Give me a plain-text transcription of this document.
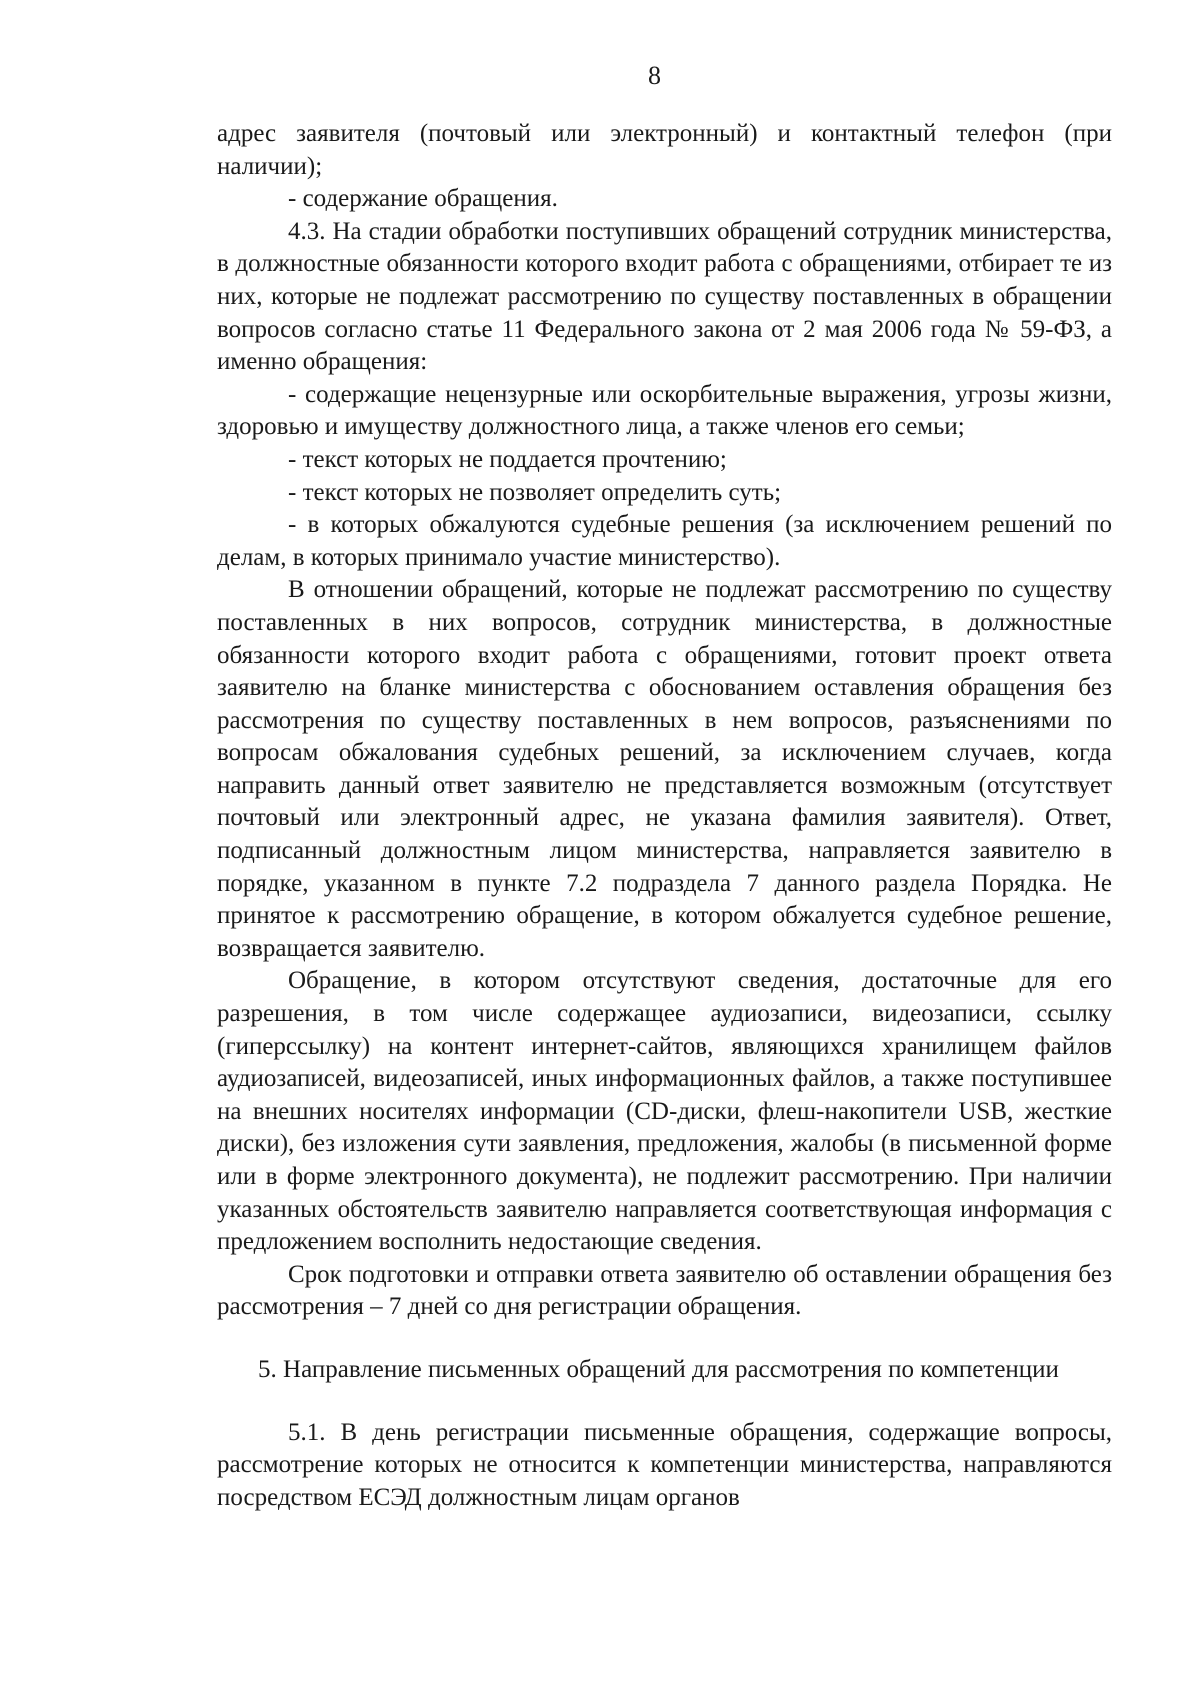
8

адрес заявителя (почтовый или электронный) и контактный телефон (при наличии);

- содержание обращения.

4.3. На стадии обработки поступивших обращений сотрудник министерства, в должностные обязанности которого входит работа с обращениями, отбирает те из них, которые не подлежат рассмотрению по существу поставленных в обращении вопросов согласно статье 11 Федерального закона от 2 мая 2006 года № 59-ФЗ, а именно обращения:

- содержащие нецензурные или оскорбительные выражения, угрозы жизни, здоровью и имуществу должностного лица, а также членов его семьи;

- текст которых не поддается прочтению;

- текст которых не позволяет определить суть;

- в которых обжалуются судебные решения (за исключением решений по делам, в которых принимало участие министерство).

В отношении обращений, которые не подлежат рассмотрению по существу поставленных в них вопросов, сотрудник министерства, в должностные обязанности которого входит работа с обращениями, готовит проект ответа заявителю на бланке министерства с обоснованием оставления обращения без рассмотрения по существу поставленных в нем вопросов, разъяснениями по вопросам обжалования судебных решений, за исключением случаев, когда направить данный ответ заявителю не представляется возможным (отсутствует почтовый или электронный адрес, не указана фамилия заявителя). Ответ, подписанный должностным лицом министерства, направляется заявителю в порядке, указанном в пункте 7.2 подраздела 7 данного раздела Порядка. Не принятое к рассмотрению обращение, в котором обжалуется судебное решение, возвращается заявителю.

Обращение, в котором отсутствуют сведения, достаточные для его разрешения, в том числе содержащее аудиозаписи, видеозаписи, ссылку (гиперссылку) на контент интернет-сайтов, являющихся хранилищем файлов аудиозаписей, видеозаписей, иных информационных файлов, а также поступившее на внешних носителях информации (CD-диски, флеш-накопители USB, жесткие диски), без изложения сути заявления, предложения, жалобы (в письменной форме или в форме электронного документа), не подлежит рассмотрению. При наличии указанных обстоятельств заявителю направляется соответствующая информация с предложением восполнить недостающие сведения.

Срок подготовки и отправки ответа заявителю об оставлении обращения без рассмотрения – 7 дней со дня регистрации обращения.

5. Направление письменных обращений для рассмотрения по компетенции

5.1. В день регистрации письменные обращения, содержащие вопросы, рассмотрение которых не относится к компетенции министерства, направляются посредством ЕСЭД должностным лицам органов
